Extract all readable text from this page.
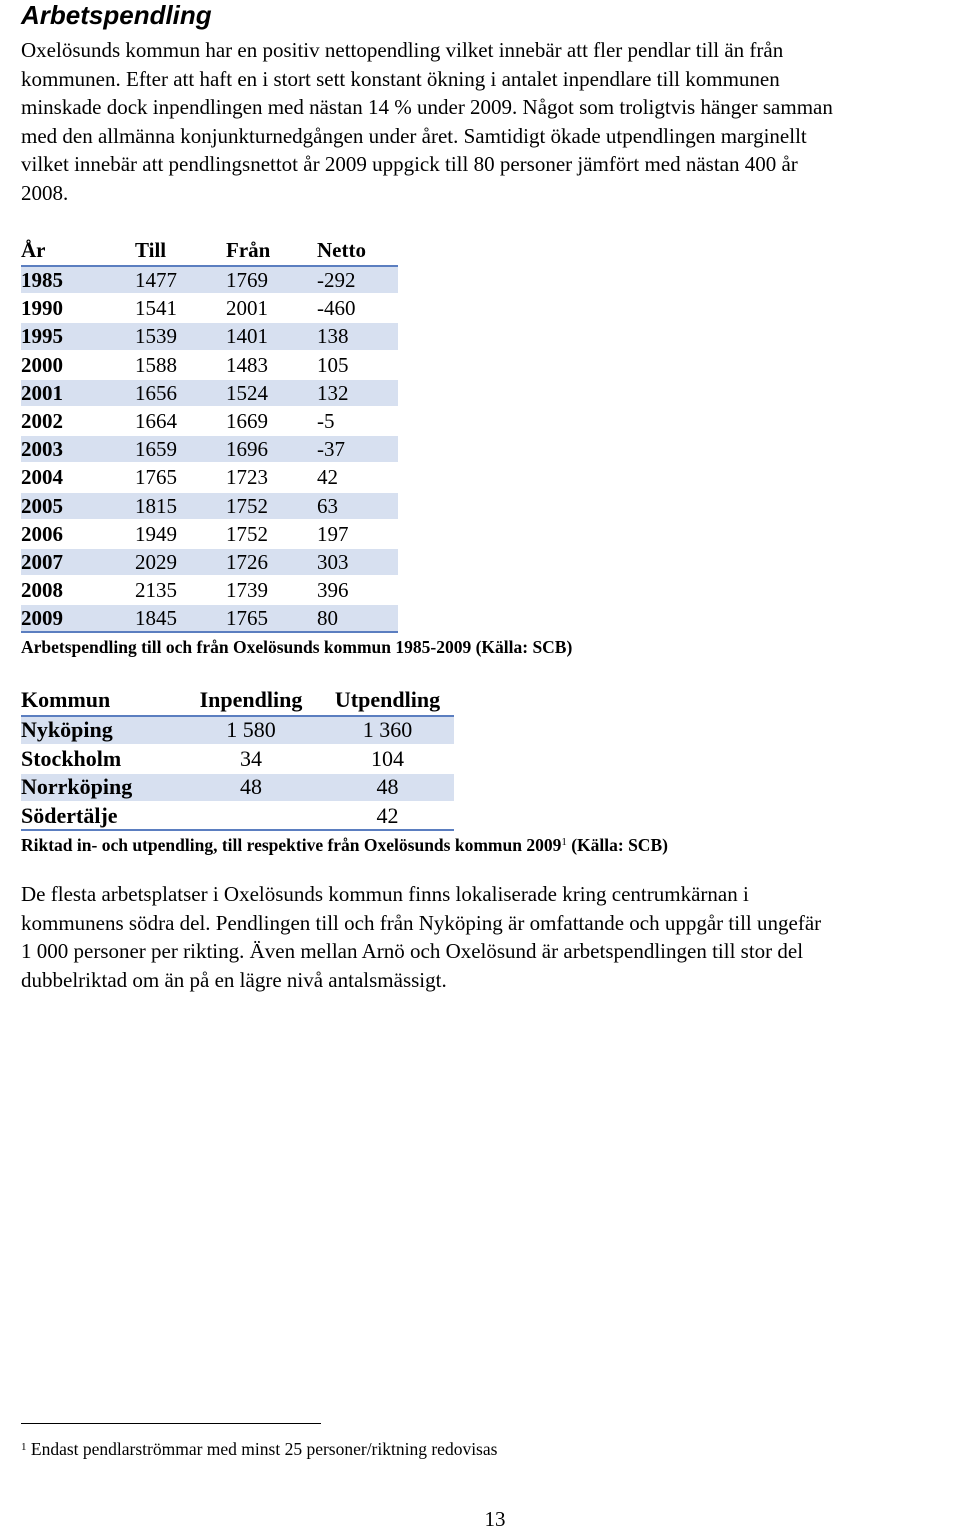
Arbetspendling

Oxelösunds kommun har en positiv nettopendling vilket innebär att fler pendlar till än från
kommunen. Efter att haft en i stort sett konstant ökning i antalet inpendlare till kommunen
minskade dock inpendlingen med nästan 14 % under 2009. Något som troligtvis hänger samman
med den allmänna konjunkturnedgången under året. Samtidigt ökade utpendlingen marginellt
vilket innebär att pendlingsnettot år 2009 uppgick till 80 personer jämfört med nästan 400 år
2008.

År	Till	Från	Netto
1985	1477	1769	-292
1990	1541	2001	-460
1995	1539	1401	138
2000	1588	1483	105
2001	1656	1524	132
2002	1664	1669	-5
2003	1659	1696	-37
2004	1765	1723	42
2005	1815	1752	63
2006	1949	1752	197
2007	2029	1726	303
2008	2135	1739	396
2009	1845	1765	80

Arbetspendling till och från Oxelösunds kommun 1985-2009 (Källa: SCB)

Kommun	Inpendling	Utpendling
Nyköping	1 580	1 360
Stockholm	34	104
Norrköping	48	48
Södertälje		42

Riktad in- och utpendling, till respektive från Oxelösunds kommun 2009$^1$ (Källa: SCB)

De flesta arbetsplatser i Oxelösunds kommun finns lokaliserade kring centrumkärnan i
kommunens södra del. Pendlingen till och från Nyköping är omfattande och uppgår till ungefär
1 000 personer per rikting. Även mellan Arnö och Oxelösund är arbetspendlingen till stor del
dubbelriktad om än på en lägre nivå antalsmässigt.

$^1$ Endast pendlarströmmar med minst 25 personer/riktning redovisas

13
